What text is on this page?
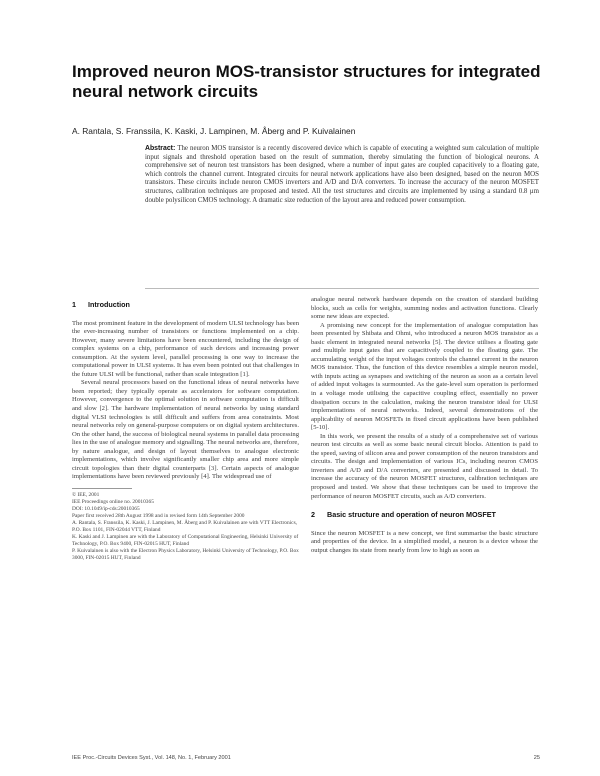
Improved neuron MOS-transistor structures for integrated neural network circuits
A. Rantala, S. Franssila, K. Kaski, J. Lampinen, M. Åberg and P. Kuivalainen
Abstract: The neuron MOS transistor is a recently discovered device which is capable of executing a weighted sum calculation of multiple input signals and threshold operation based on the result of summation, thereby simulating the function of biological neurons. A comprehensive set of neuron test transistors has been designed, where a number of input gates are coupled capacitively to a floating gate, which controls the channel current. Integrated circuits for neural network applications have also been designed, based on the neuron MOS transistors. These circuits include neuron CMOS inverters and A/D and D/A converters. To increase the accuracy of the neuron MOSFET structures, calibration techniques are proposed and tested. All the test structures and circuits are implemented by using a standard 0.8 μm double polysilicon CMOS technology. A dramatic size reduction of the layout area and reduced power consumption.
1 Introduction

The most prominent feature in the development of modern ULSI technology has been the ever-increasing number of transistors or functions implemented on a chip. However, many severe limitations have been encountered, including the design of complex systems on a chip, performance of such devices and increasing power consumption. At the system level, parallel processing is one way to increase the computational power in ULSI systems. It has even been pointed out that challenges in the future ULSI will be functional, rather than scale integration [1].

Several neural processors based on the functional ideas of neural networks have been reported; they typically operate as accelerators for software computation. However, convergence to the optimal solution in software computation is difficult and slow [2]. The hardware implementation of neural networks by using standard digital VLSI technologies is still difficult and suffers from area constraints. Most neural networks rely on general-purpose computers or on digital system architectures. On the other hand, the success of biological neural systems in parallel data processing lies in the use of analogue memory and signalling. The neural networks are, therefore, by nature analogue, and design of layout themselves to analogue electronic implementations, which involve significantly smaller chip area and more simple circuit topologies than their digital counterparts [3]. Certain aspects of analogue implementations have been reviewed previously [4]. The widespread use of

© IEE, 2001
IEE Proceedings online no. 20010365
DOI: 10.1049/ip-cds:20010365
Paper first received 28th August 1998 and in revised form 14th September 2000
A. Rantala, S. Franssila, K. Kaski, J. Lampinen, M. Åberg and P. Kuivalainen are with VTT Electronics, P.O. Box 1101, FIN-02044 VTT, Finland
K. Kaski and J. Lampinen are with the Laboratory of Computational Engineering, Helsinki University of Technology, P.O. Box 9400, FIN-02015 HUT, Finland
P. Kuivalainen is also with the Electron Physics Laboratory, Helsinki University of Technology, P.O. Box 3000, FIN-02015 HUT, Finland

analogue neural network hardware depends on the creation of standard building blocks, such as cells for weights, summing nodes and activation functions. Clearly some new ideas are expected.

A promising new concept for the implementation of analogue computation has been presented by Shibata and Ohmi, who introduced a neuron MOS transistor as a basic element in integrated neural networks [5]. The device utilises a floating gate and multiple input gates that are capacitively coupled to the floating gate. The accumulating weight of the input voltages controls the channel current in the neuron MOS transistor. Thus, the function of this device resembles a simple neuron model, with inputs acting as synapses and switching of the neuron as soon as a certain level of added input voltages is surmounted. As the gate-level sum operation is performed in a voltage mode utilising the capacitive coupling effect, essentially no power dissipation occurs in the calculation, making the neuron transistor ideal for ULSI implementations of neural networks. Indeed, several demonstrations of the applicability of neuron MOSFETs in fixed circuit applications have been published [5-10].

In this work, we present the results of a study of a comprehensive set of various neuron test circuits as well as some basic neural circuit blocks. Attention is paid to the speed, saving of silicon area and power consumption of the neuron transistors and circuits. The design and implementation of various ICs, including neuron CMOS inverters and A/D and D/A converters, are presented and discussed in detail. To increase the accuracy of the neuron MOSFET structures, calibration techniques are proposed and tested. We show that these techniques can be used to improve the performance of neuron MOSFET circuits, such as A/D converters.

2 Basic structure and operation of neuron MOSFET

Since the neuron MOSFET is a new concept, we first summarise the basic structure and properties of the device. In a simplified model, a neuron is a device whose the output changes its state from nearly from low to high as soon as

IEE Proc.-Circuits Devices Syst., Vol. 148, No. 1, February 2001	25
